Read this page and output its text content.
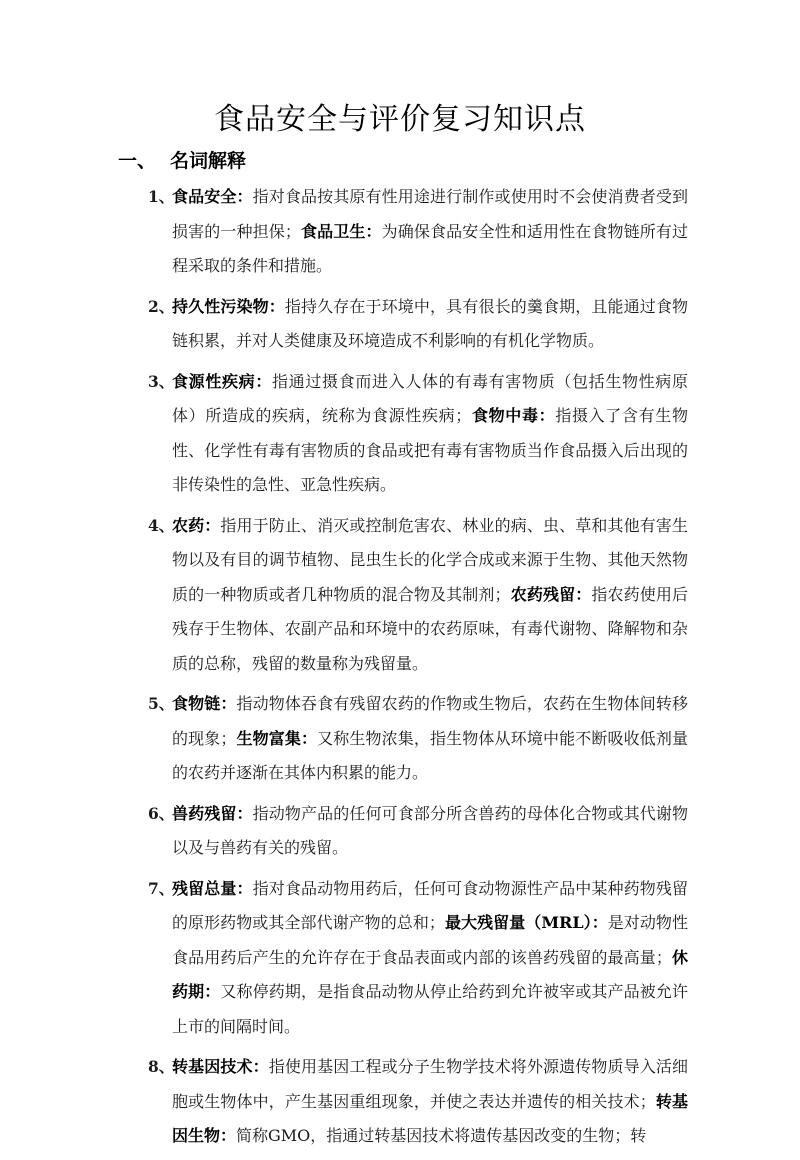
食品安全与评价复习知识点
一、 名词解释
1、
食品安全：指对食品按其原有性用途进行制作或使用时不会使消费者受到损害的一种担保；食品卫生：为确保食品安全性和适用性在食物链所有过程采取的条件和措施。
2、
持久性污染物：指持久存在于环境中，具有很长的羹食期，且能通过食物链积累，并对人类健康及环境造成不利影响的有机化学物质。
3、
食源性疾病：指通过摄食而进入人体的有毒有害物质（包括生物性病原体）所造成的疾病，统称为食源性疾病；食物中毒：指摄入了含有生物性、化学性有毒有害物质的食品或把有毒有害物质当作食品摄入后出现的非传染性的急性、亚急性疾病。
4、
农药：指用于防止、消灭或控制危害农、林业的病、虫、草和其他有害生物以及有目的调节植物、昆虫生长的化学合成或来源于生物、其他天然物质的一种物质或者几种物质的混合物及其制剂；农药残留：指农药使用后残存于生物体、农副产品和环境中的农药原味，有毒代谢物、降解物和杂质的总称，残留的数量称为残留量。
5、
食物链：指动物体吞食有残留农药的作物或生物后，农药在生物体间转移的现象；生物富集：又称生物浓集，指生物体从环境中能不断吸收低剂量的农药并逐渐在其体内积累的能力。
6、
兽药残留：指动物产品的任何可食部分所含兽药的母体化合物或其代谢物以及与兽药有关的残留。
7、
残留总量：指对食品动物用药后，任何可食动物源性产品中某种药物残留的原形药物或其全部代谢产物的总和；最大残留量（MRL）：是对动物性食品用药后产生的允许存在于食品表面或内部的该兽药残留的最高量；休药期：又称停药期，是指食品动物从停止给药到允许被宰或其产品被允许上市的间隔时间。
8、
转基因技术：指使用基因工程或分子生物学技术将外源遗传物质导入活细胞或生物体中，产生基因重组现象，并使之表达并遗传的相关技术；转基因生物：简称GMO，指通过转基因技术将遗传基因改变的生物；转
